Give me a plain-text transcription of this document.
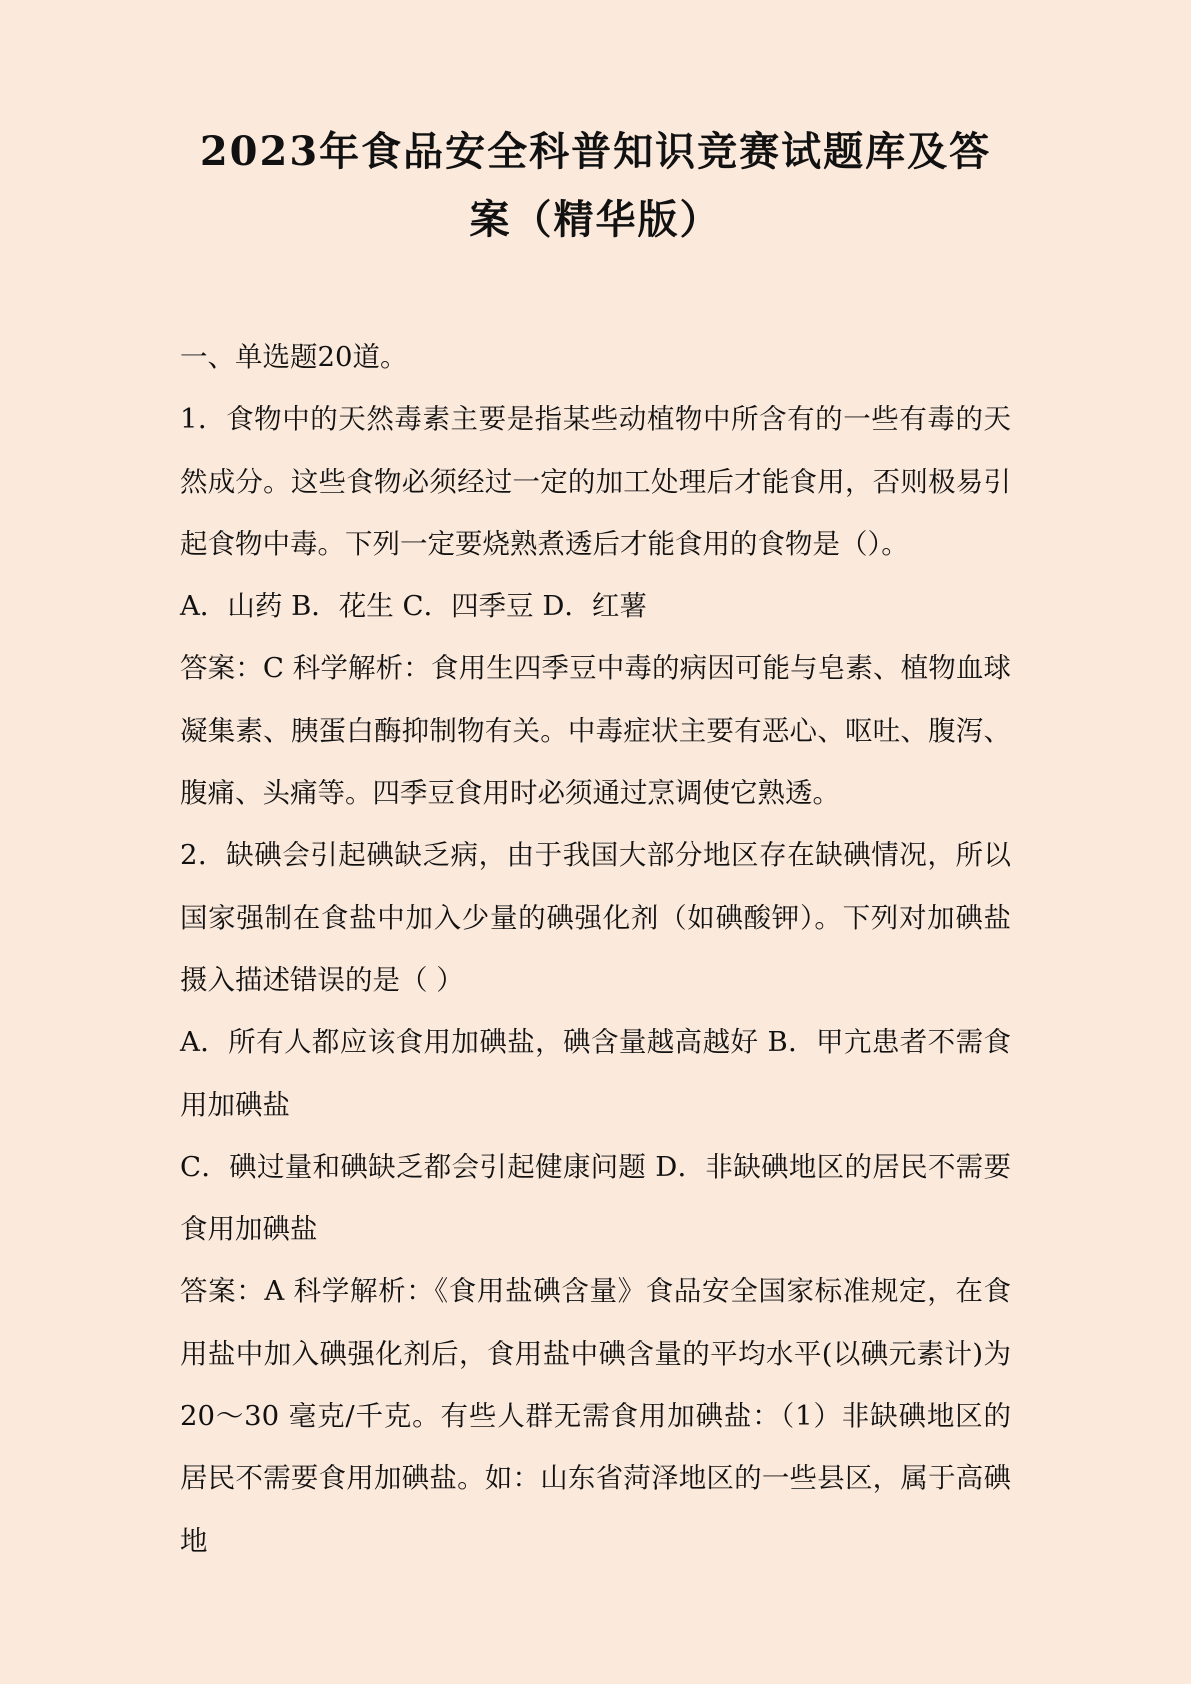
2023年食品安全科普知识竞赛试题库及答
案（精华版）

一、单选题20道。

1．食物中的天然毒素主要是指某些动植物中所含有的一些有毒的天然成分。这些食物必须经过一定的加工处理后才能食用，否则极易引起食物中毒。下列一定要烧熟煮透后才能食用的食物是（）。

A．山药 B．花生 C．四季豆 D．红薯

答案：C 科学解析：食用生四季豆中毒的病因可能与皂素、植物血球凝集素、胰蛋白酶抑制物有关。中毒症状主要有恶心、呕吐、腹泻、腹痛、头痛等。四季豆食用时必须通过烹调使它熟透。

2．缺碘会引起碘缺乏病，由于我国大部分地区存在缺碘情况，所以国家强制在食盐中加入少量的碘强化剂（如碘酸钾）。下列对加碘盐摄入描述错误的是（ ）

A．所有人都应该食用加碘盐，碘含量越高越好 B．甲亢患者不需食用加碘盐

C．碘过量和碘缺乏都会引起健康问题 D．非缺碘地区的居民不需要食用加碘盐

答案：A 科学解析：《食用盐碘含量》食品安全国家标准规定，在食用盐中加入碘强化剂后，食用盐中碘含量的平均水平(以碘元素计)为20～30 毫克/千克。有些人群无需食用加碘盐：（1）非缺碘地区的居民不需要食用加碘盐。如：山东省菏泽地区的一些县区，属于高碘地
